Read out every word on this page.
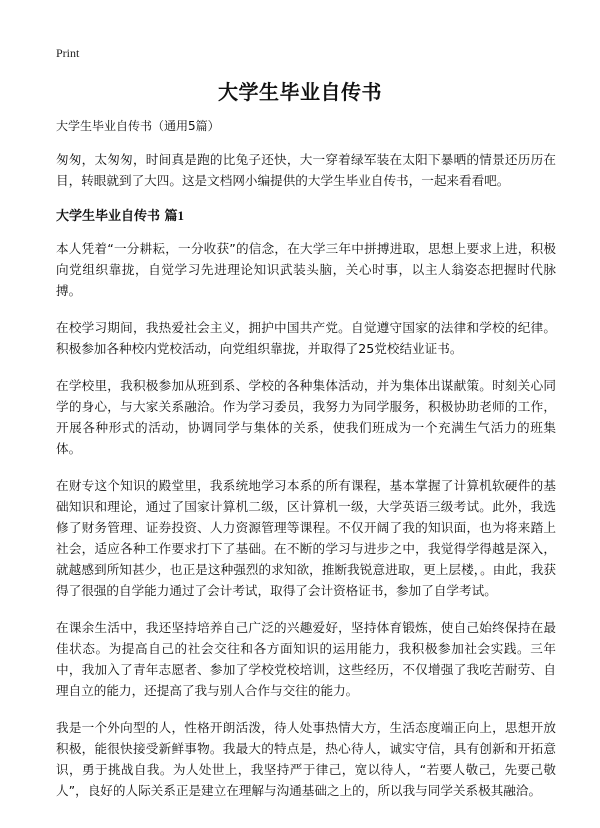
Print
大学生毕业自传书

大学生毕业自传书（通用5篇）

匆匆，太匆匆，时间真是跑的比兔子还快，大一穿着绿军装在太阳下暴晒的情景还历历在目，转眼就到了大四。这是文档网小编提供的大学生毕业自传书，一起来看看吧。

大学生毕业自传书 篇1

本人凭着“一分耕耘，一分收获”的信念，在大学三年中拼搏进取，思想上要求上进，积极向党组织靠拢，自觉学习先进理论知识武装头脑，关心时事，以主人翁姿态把握时代脉搏。

在校学习期间，我热爱社会主义，拥护中国共产党。自觉遵守国家的法律和学校的纪律。积极参加各种校内党校活动，向党组织靠拢，并取得了25党校结业证书。

在学校里，我积极参加从班到系、学校的各种集体活动，并为集体出谋献策。时刻关心同学的身心，与大家关系融洽。作为学习委员，我努力为同学服务，积极协助老师的工作，开展各种形式的活动，协调同学与集体的关系，使我们班成为一个充满生气活力的班集体。

在财专这个知识的殿堂里，我系统地学习本系的所有课程，基本掌握了计算机软硬件的基础知识和理论，通过了国家计算机二级，区计算机一级，大学英语三级考试。此外，我选修了财务管理、证券投资、人力资源管理等课程。不仅开阔了我的知识面，也为将来踏上社会，适应各种工作要求打下了基础。在不断的学习与进步之中，我觉得学得越是深入，就越感到所知甚少，也正是这种强烈的求知欲，推断我锐意进取，更上层楼，。由此，我获得了很强的自学能力通过了会计考试，取得了会计资格证书，参加了自学考试。

在课余生活中，我还坚持培养自己广泛的兴趣爱好，坚持体育锻炼，使自己始终保持在最佳状态。为提高自己的社会交往和各方面知识的运用能力，我积极参加社会实践。三年中，我加入了青年志愿者、参加了学校党校培训，这些经历，不仅增强了我吃苦耐劳、自理自立的能力，还提高了我与别人合作与交往的能力。

我是一个外向型的人，性格开朗活泼，待人处事热情大方，生活态度端正向上，思想开放积极，能很快接受新鲜事物。我最大的特点是，热心待人，诚实守信，具有创新和开拓意识，勇于挑战自我。为人处世上，我坚持严于律己，宽以待人，“若要人敬己，先要己敬人”，良好的人际关系正是建立在理解与沟通基础之上的，所以我与同学关系极其融洽。
